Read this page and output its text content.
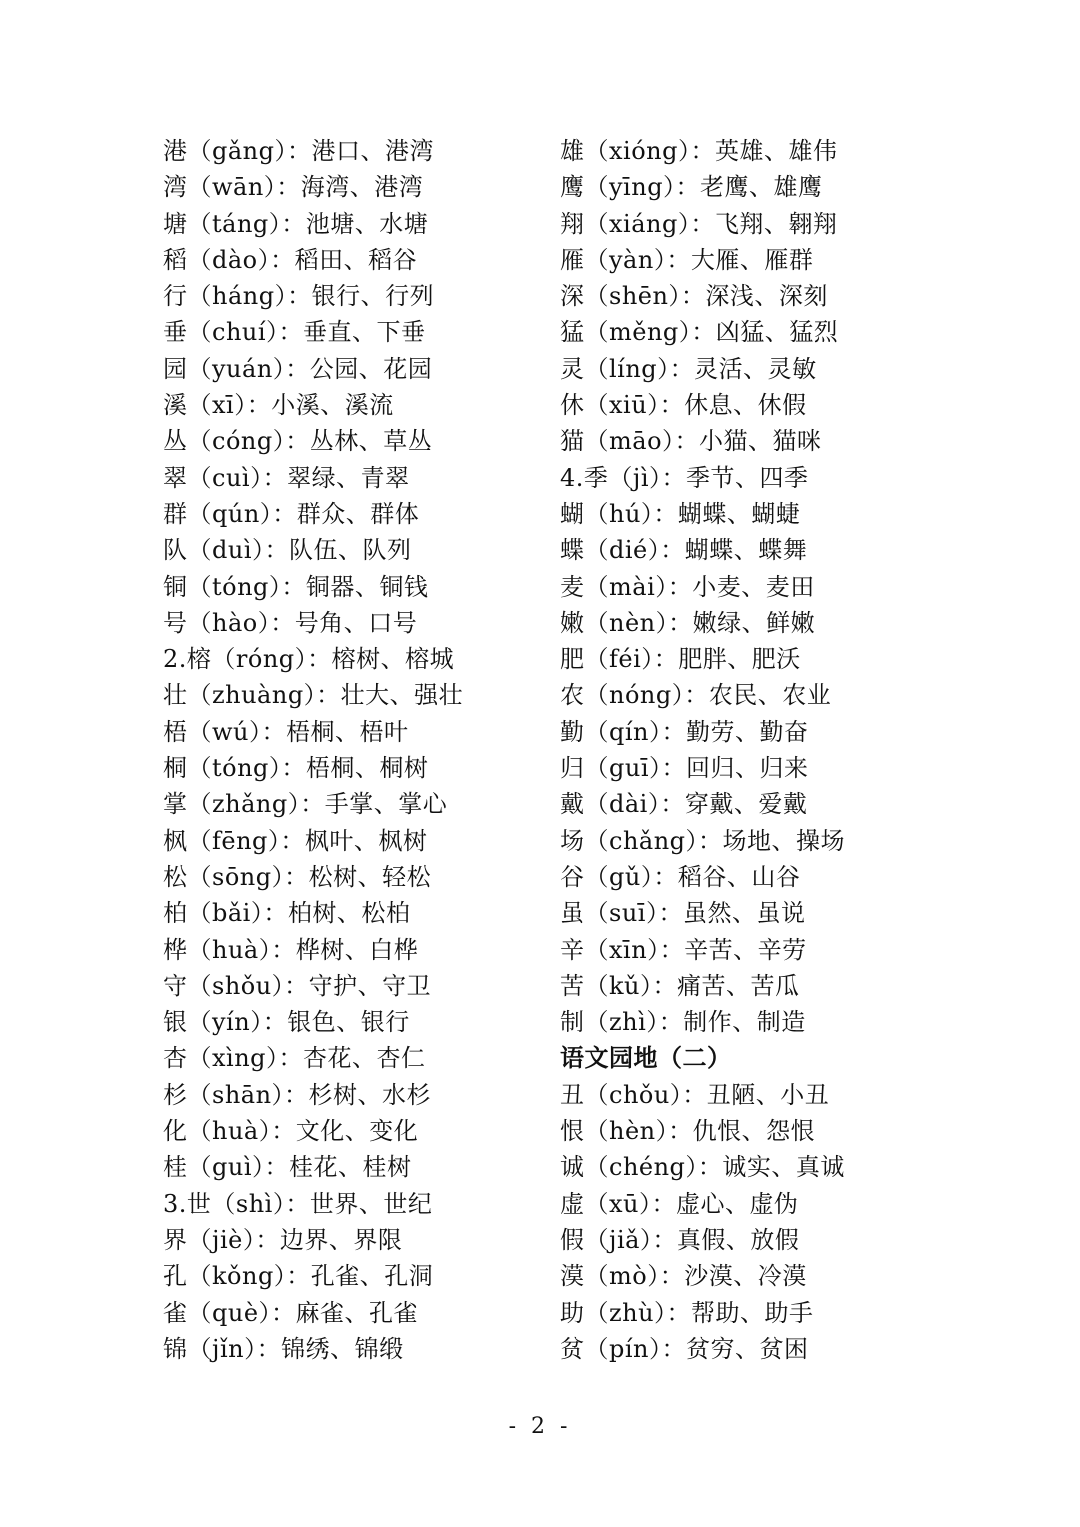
港（gǎng）：港口、港湾
湾（wān）：海湾、港湾
塘（táng）：池塘、水塘
稻（dào）：稻田、稻谷
行（háng）：银行、行列
垂（chuí）：垂直、下垂
园（yuán）：公园、花园
溪（xī）：小溪、溪流
丛（cóng）：丛林、草丛
翠（cuì）：翠绿、青翠
群（qún）：群众、群体
队（duì）：队伍、队列
铜（tóng）：铜器、铜钱
号（hào）：号角、口号
2.榕（róng）：榕树、榕城
壮（zhuàng）：壮大、强壮
梧（wú）：梧桐、梧叶
桐（tóng）：梧桐、桐树
掌（zhǎng）：手掌、掌心
枫（fēng）：枫叶、枫树
松（sōng）：松树、轻松
柏（bǎi）：柏树、松柏
桦（huà）：桦树、白桦
守（shǒu）：守护、守卫
银（yín）：银色、银行
杏（xìng）：杏花、杏仁
杉（shān）：杉树、水杉
化（huà）：文化、变化
桂（guì）：桂花、桂树
3.世（shì）：世界、世纪
界（jiè）：边界、界限
孔（kǒng）：孔雀、孔洞
雀（què）：麻雀、孔雀
锦（jǐn）：锦绣、锦缎
雄（xióng）：英雄、雄伟
鹰（yīng）：老鹰、雄鹰
翔（xiáng）：飞翔、翱翔
雁（yàn）：大雁、雁群
深（shēn）：深浅、深刻
猛（měng）：凶猛、猛烈
灵（líng）：灵活、灵敏
休（xiū）：休息、休假
猫（māo）：小猫、猫咪
4.季（jì）：季节、四季
蝴（hú）：蝴蝶、蝴蜨
蝶（dié）：蝴蝶、蝶舞
麦（mài）：小麦、麦田
嫩（nèn）：嫩绿、鲜嫩
肥（féi）：肥胖、肥沃
农（nóng）：农民、农业
勤（qín）：勤劳、勤奋
归（guī）：回归、归来
戴（dài）：穿戴、爱戴
场（chǎng）：场地、操场
谷（gǔ）：稻谷、山谷
虽（suī）：虽然、虽说
辛（xīn）：辛苦、辛劳
苦（kǔ）：痛苦、苦瓜
制（zhì）：制作、制造
语文园地（二）
丑（chǒu）：丑陋、小丑
恨（hèn）：仇恨、怨恨
诚（chéng）：诚实、真诚
虚（xū）：虚心、虚伪
假（jiǎ）：真假、放假
漠（mò）：沙漠、冷漠
助（zhù）：帮助、助手
贫（pín）：贫穷、贫困
- 2 -
